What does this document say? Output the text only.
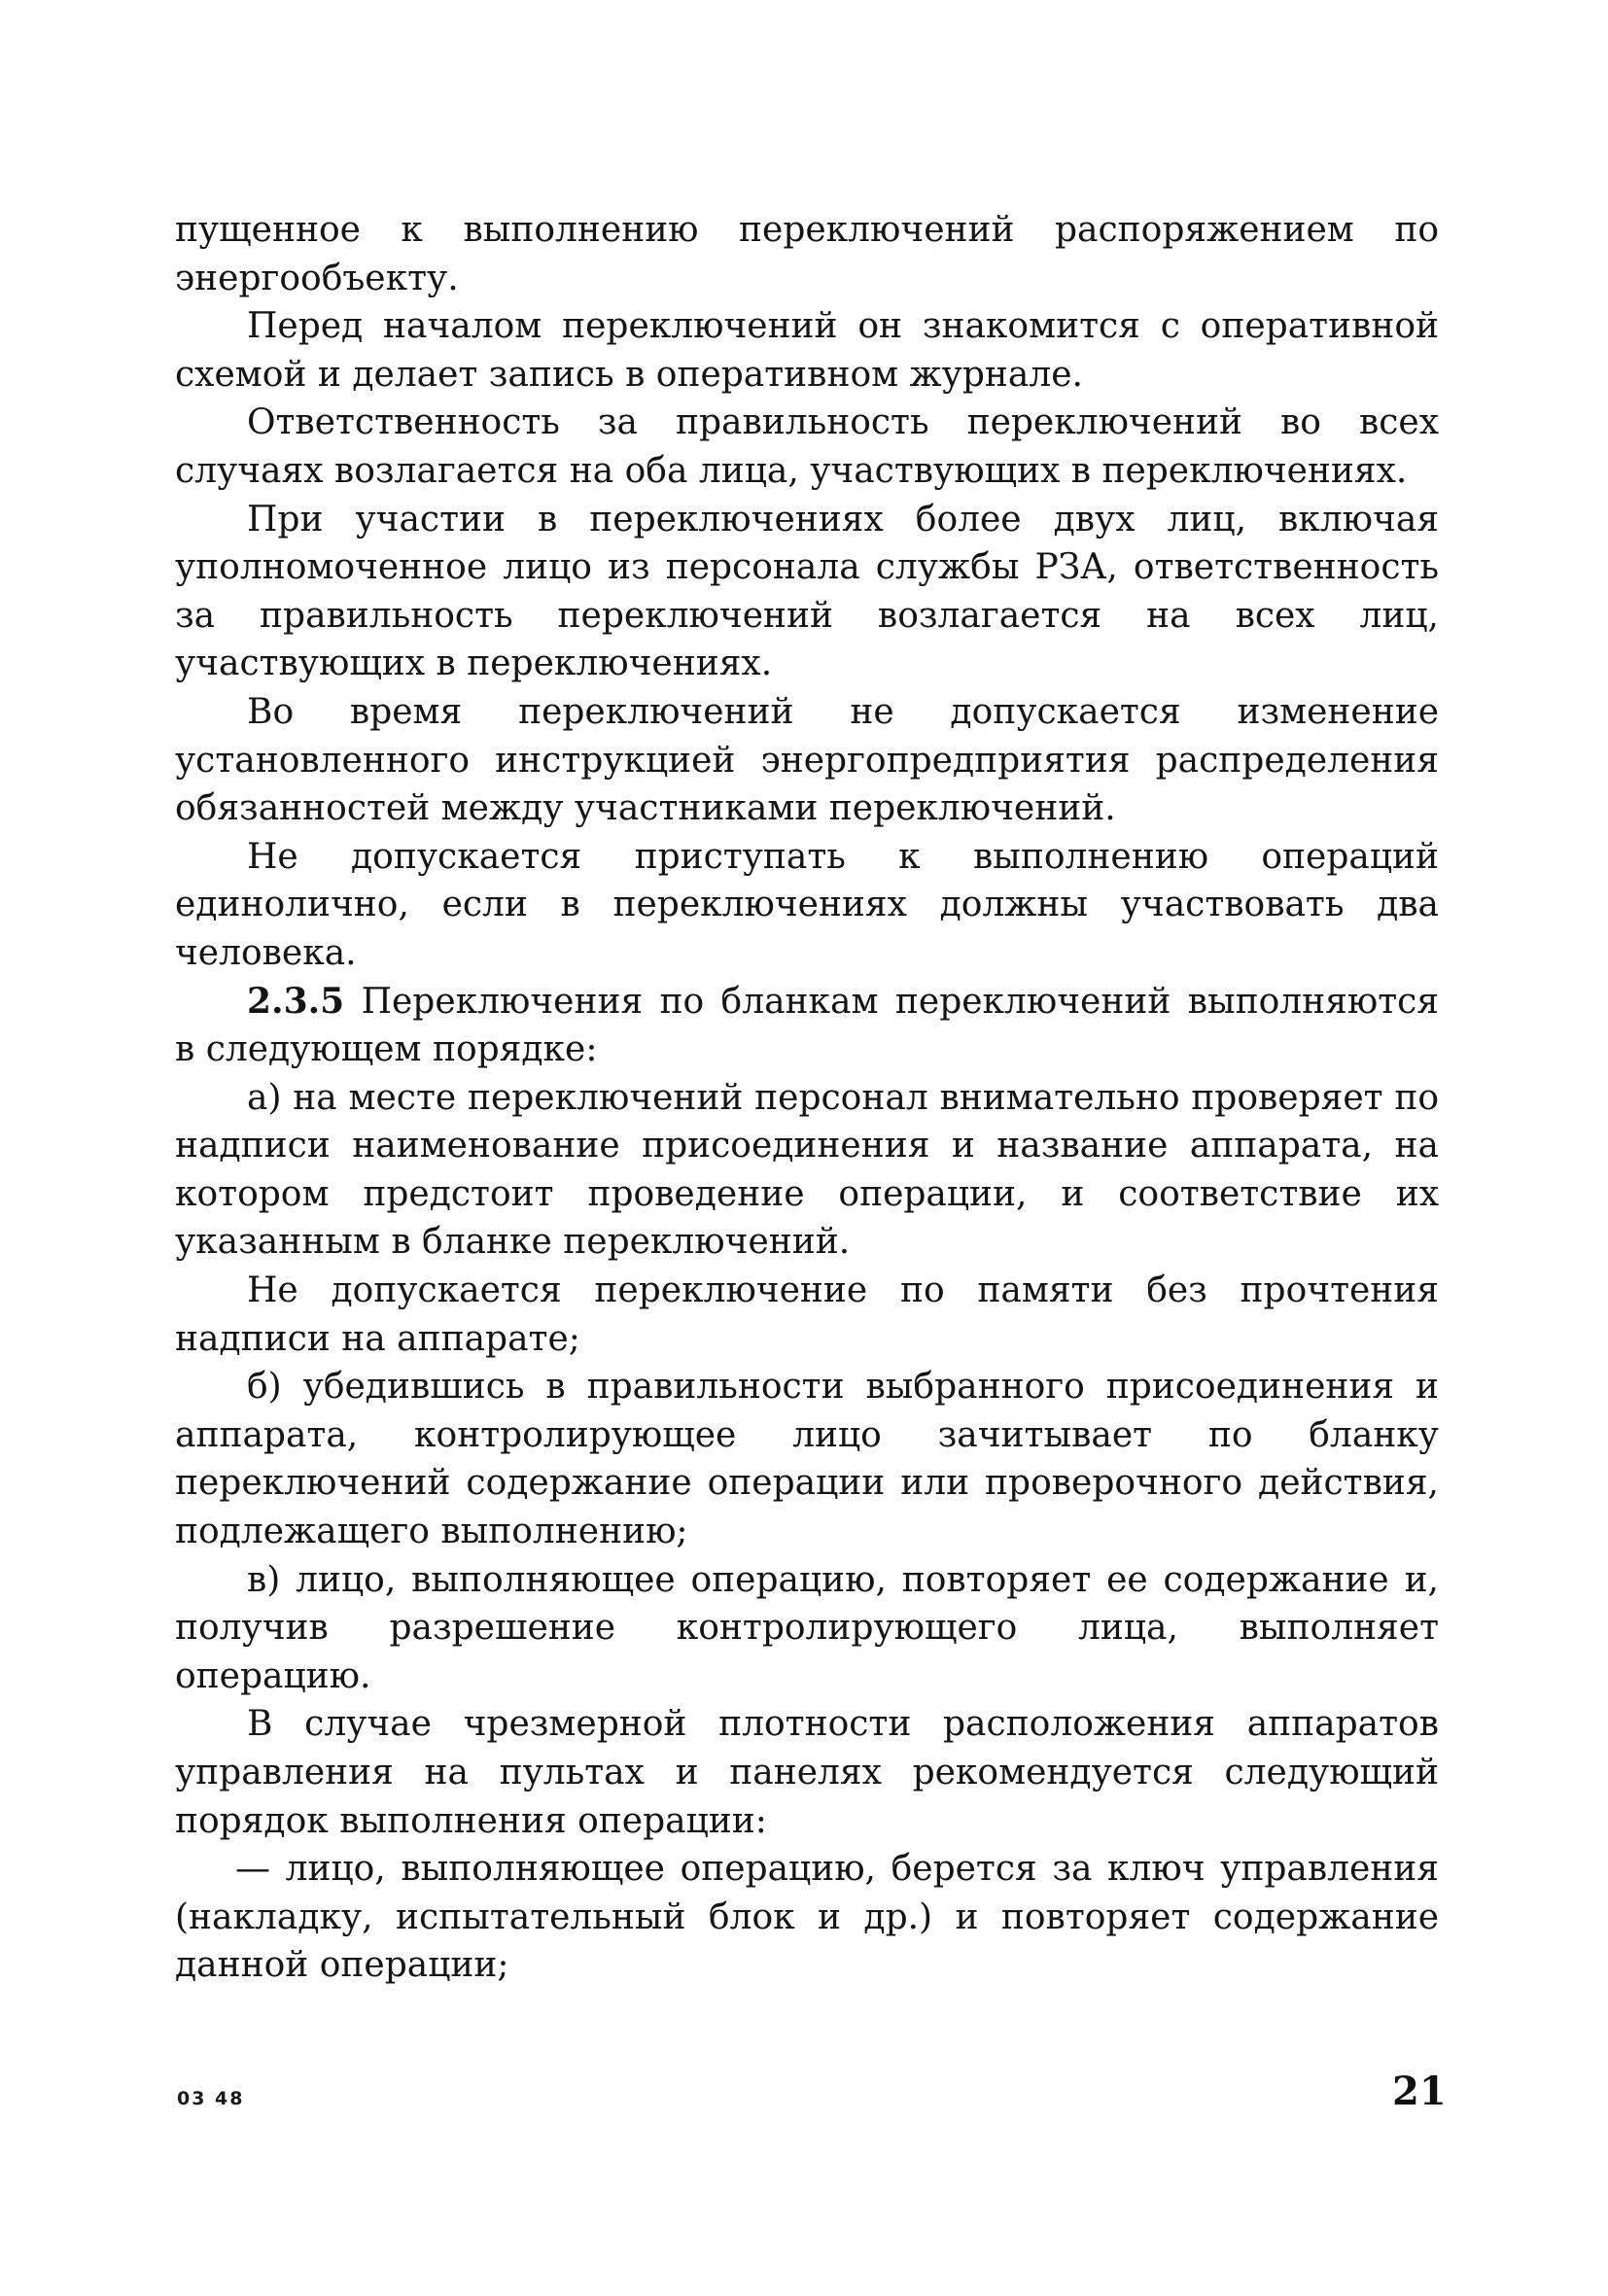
пущенное к выполнению переключений распоряжением по энергообъекту.

Перед началом переключений он знакомится с оперативной схемой и делает запись в оперативном журнале.

Ответственность за правильность переключений во всех случаях возлагается на оба лица, участвующих в переключениях.

При участии в переключениях более двух лиц, включая уполномоченное лицо из персонала службы РЗА, ответственность за правильность переключений возлагается на всех лиц, участвующих в переключениях.

Во время переключений не допускается изменение установленного инструкцией энергопредприятия распределения обязанностей между участниками переключений.

Не допускается приступать к выполнению операций единолично, если в переключениях должны участвовать два человека.

2.3.5 Переключения по бланкам переключений выполняются в следующем порядке:

а) на месте переключений персонал внимательно проверяет по надписи наименование присоединения и название аппарата, на котором предстоит проведение операции, и соответствие их указанным в бланке переключений.

Не допускается переключение по памяти без прочтения надписи на аппарате;

б) убедившись в правильности выбранного присоединения и аппарата, контролирующее лицо зачитывает по бланку переключений содержание операции или проверочного действия, подлежащего выполнению;

в) лицо, выполняющее операцию, повторяет ее содержание и, получив разрешение контролирующего лица, выполняет операцию.

В случае чрезмерной плотности расположения аппаратов управления на пультах и панелях рекомендуется следующий порядок выполнения операции:

— лицо, выполняющее операцию, берется за ключ управления (накладку, испытательный блок и др.) и повторяет содержание данной операции;

03 48	21
